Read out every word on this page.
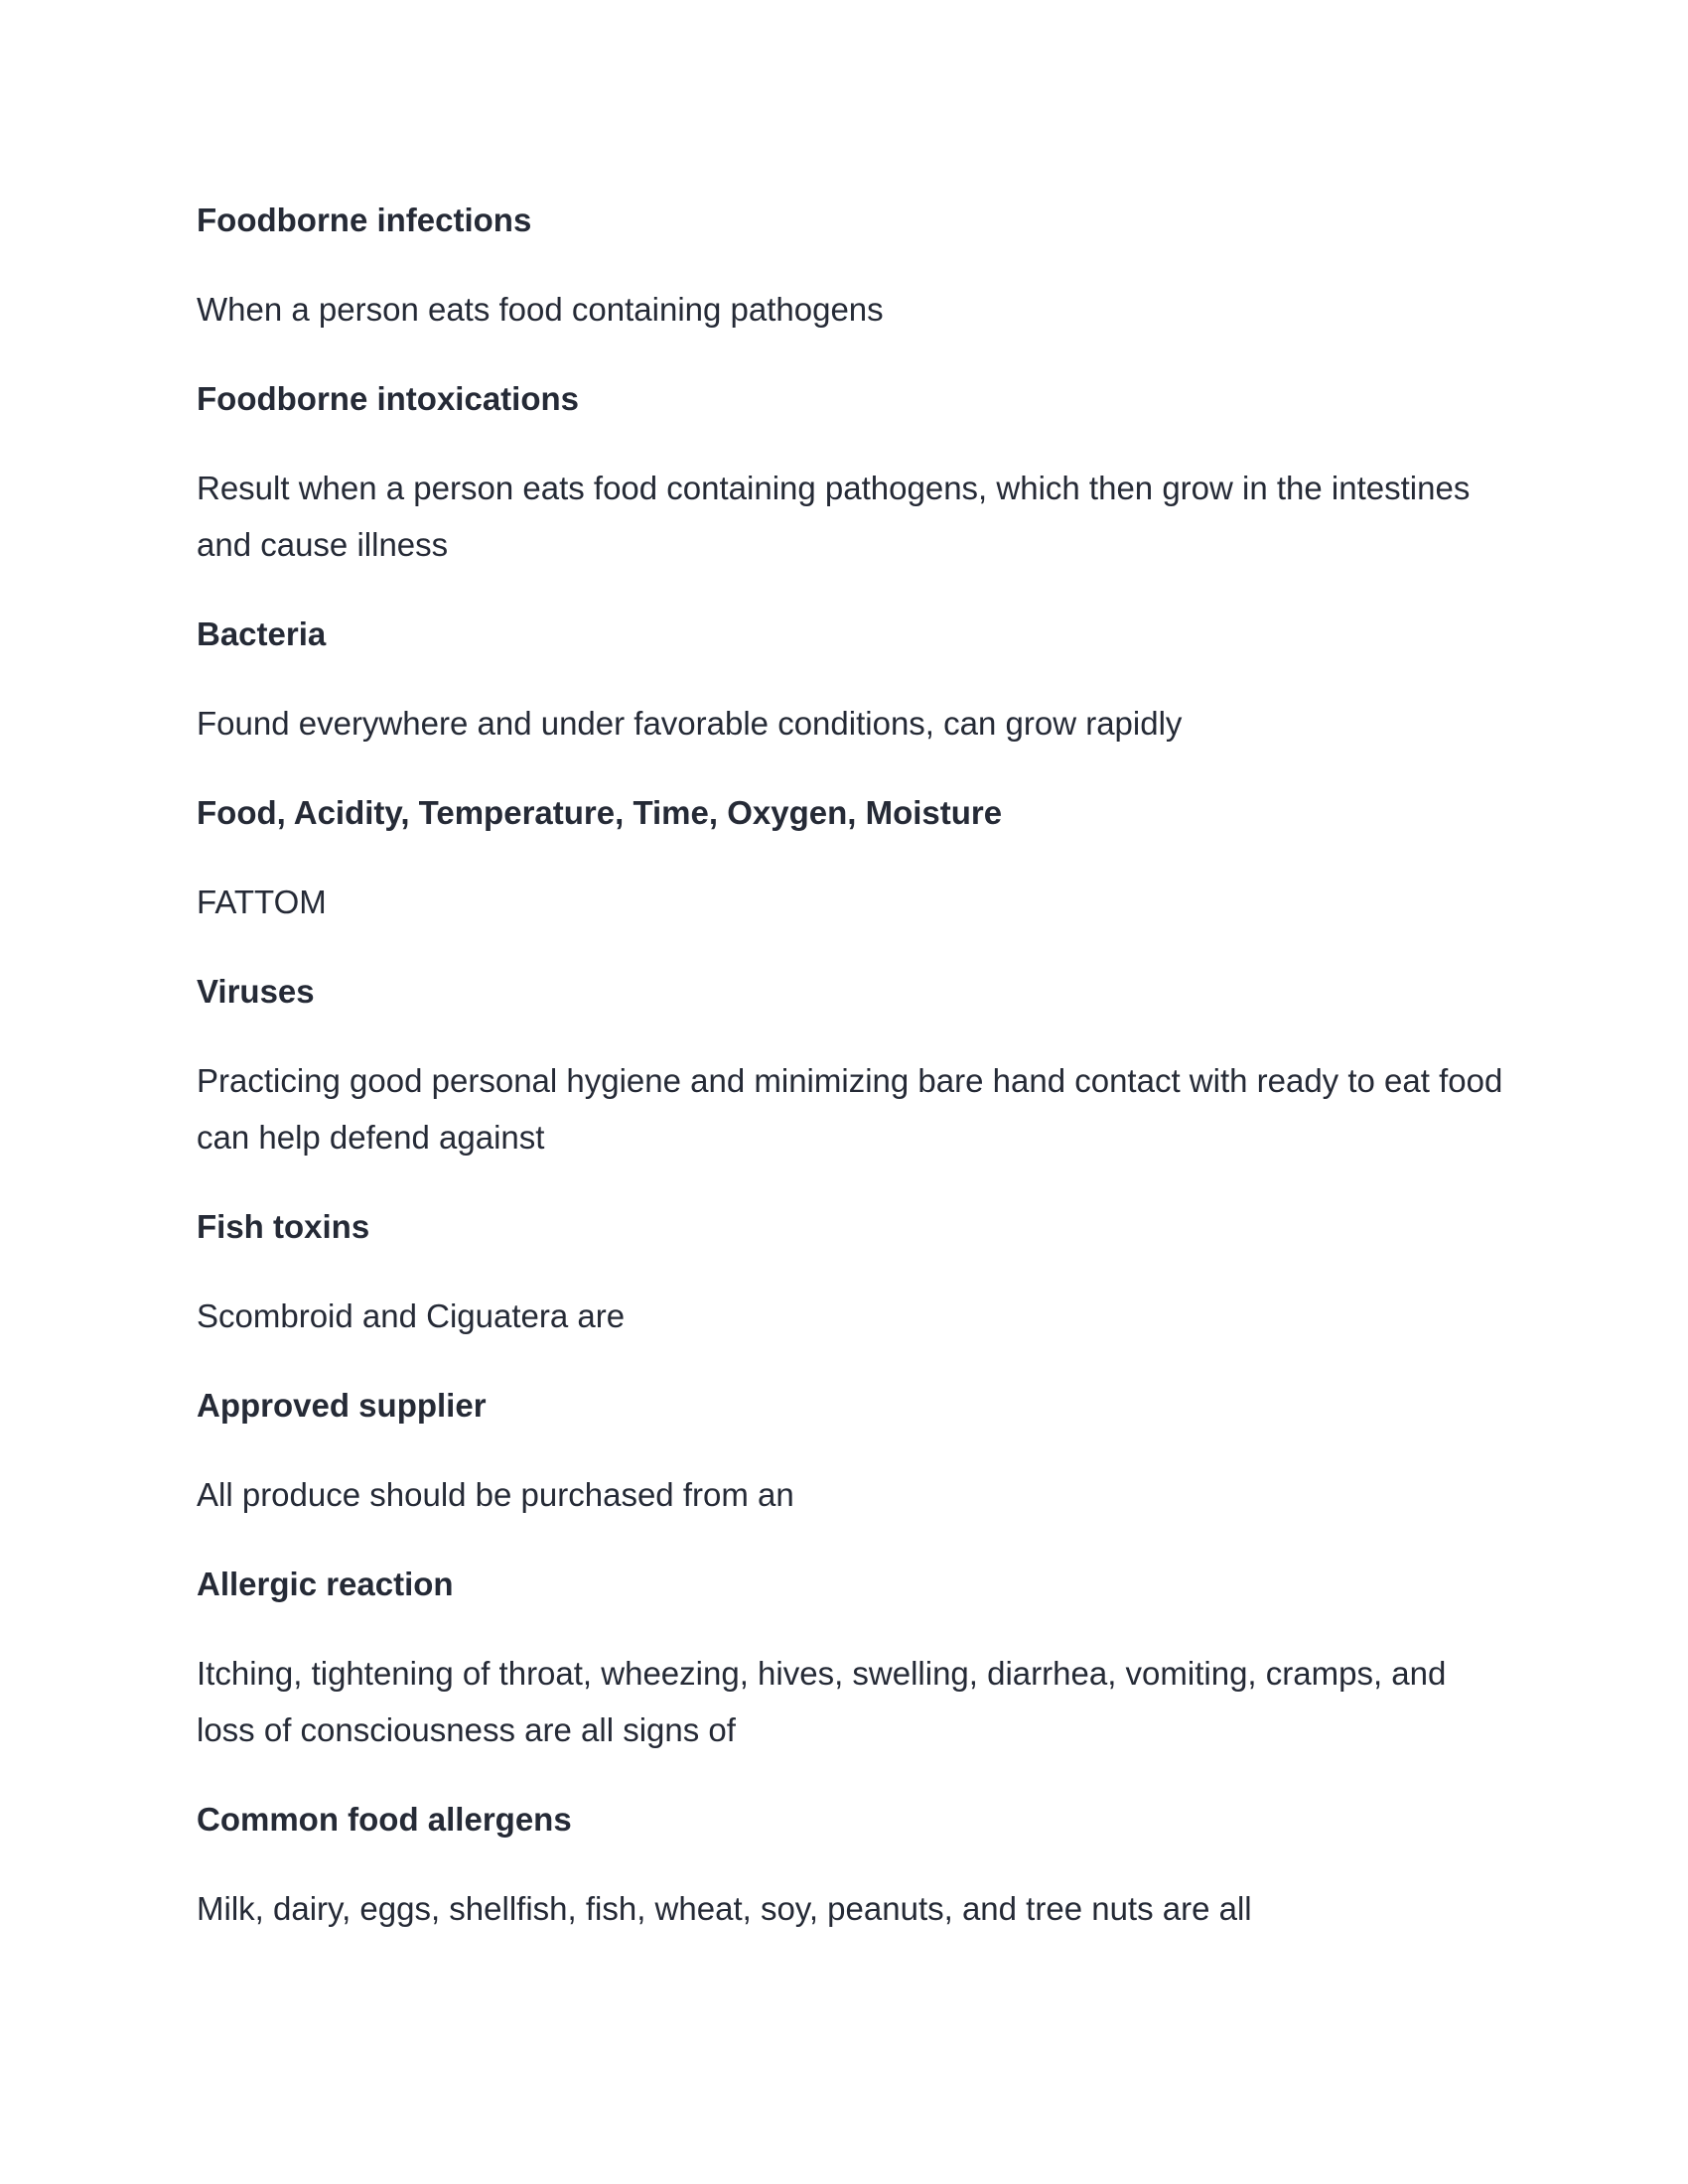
Foodborne infections

When a person eats food containing pathogens

Foodborne intoxications

Result when a person eats food containing pathogens, which then grow in the intestines and cause illness

Bacteria

Found everywhere and under favorable conditions, can grow rapidly

Food, Acidity, Temperature, Time, Oxygen, Moisture

FATTOM

Viruses

Practicing good personal hygiene and minimizing bare hand contact with ready to eat food can help defend against

Fish toxins

Scombroid and Ciguatera are

Approved supplier

All produce should be purchased from an

Allergic reaction

Itching, tightening of throat, wheezing, hives, swelling, diarrhea, vomiting, cramps, and loss of consciousness are all signs of

Common food allergens

Milk, dairy, eggs, shellfish, fish, wheat, soy, peanuts, and tree nuts are all
